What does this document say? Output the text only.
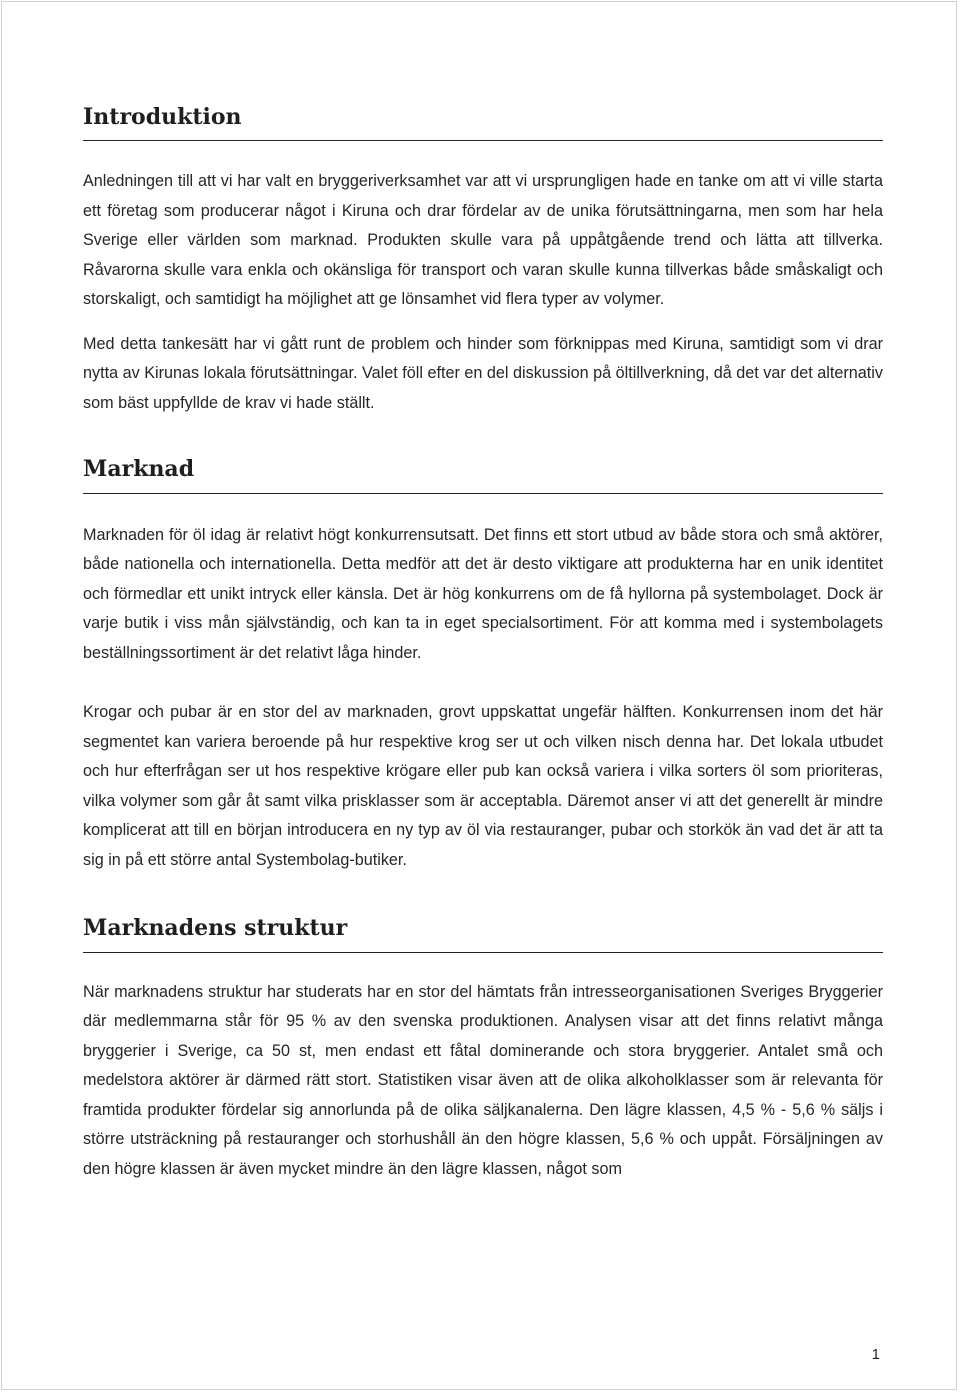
Introduktion

Anledningen till att vi har valt en bryggeriverksamhet var att vi ursprungligen hade en tanke om att vi ville starta ett företag som producerar något i Kiruna och drar fördelar av de unika förutsättningarna, men som har hela Sverige eller världen som marknad. Produkten skulle vara på uppåtgående trend och lätta att tillverka. Råvarorna skulle vara enkla och okänsliga för transport och varan skulle kunna tillverkas både småskaligt och storskaligt, och samtidigt ha möjlighet att ge lönsamhet vid flera typer av volymer.

Med detta tankesätt har vi gått runt de problem och hinder som förknippas med Kiruna, samtidigt som vi drar nytta av Kirunas lokala förutsättningar. Valet föll efter en del diskussion på öltillverkning, då det var det alternativ som bäst uppfyllde de krav vi hade ställt.

Marknad

Marknaden för öl idag är relativt högt konkurrensutsatt. Det finns ett stort utbud av både stora och små aktörer, både nationella och internationella. Detta medför att det är desto viktigare att produkterna har en unik identitet och förmedlar ett unikt intryck eller känsla. Det är hög konkurrens om de få hyllorna på systembolaget. Dock är varje butik i viss mån självständig, och kan ta in eget specialsortiment. För att komma med i systembolagets beställningssortiment är det relativt låga hinder.

Krogar och pubar är en stor del av marknaden, grovt uppskattat ungefär hälften. Konkurrensen inom det här segmentet kan variera beroende på hur respektive krog ser ut och vilken nisch denna har. Det lokala utbudet och hur efterfrågan ser ut hos respektive krögare eller pub kan också variera i vilka sorters öl som prioriteras, vilka volymer som går åt samt vilka prisklasser som är acceptabla. Däremot anser vi att det generellt är mindre komplicerat att till en början introducera en ny typ av öl via restauranger, pubar och storkök än vad det är att ta sig in på ett större antal Systembolag-butiker.

Marknadens struktur

När marknadens struktur har studerats har en stor del hämtats från intresseorganisationen Sveriges Bryggerier där medlemmarna står för 95 % av den svenska produktionen. Analysen visar att det finns relativt många bryggerier i Sverige, ca 50 st, men endast ett fåtal dominerande och stora bryggerier. Antalet små och medelstora aktörer är därmed rätt stort. Statistiken visar även att de olika alkoholklasser som är relevanta för framtida produkter fördelar sig annorlunda på de olika säljkanalerna. Den lägre klassen, 4,5 % - 5,6 % säljs i större utsträckning på restauranger och storhushåll än den högre klassen, 5,6 % och uppåt. Försäljningen av den högre klassen är även mycket mindre än den lägre klassen, något som

1
